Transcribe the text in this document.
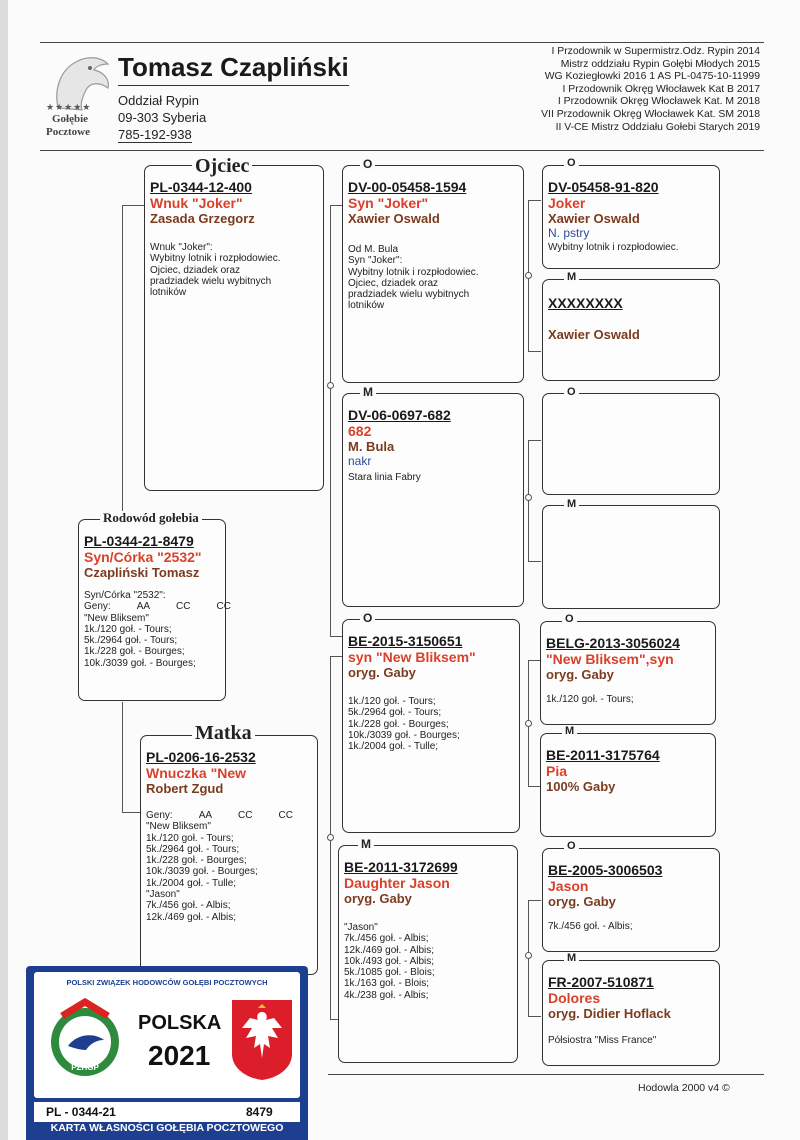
★★★★★
Gołębie
Pocztowe
Tomasz Czapliński
Oddział Rypin
09-303 Syberia
785-192-938
I Przodownik w Supermistrz.Odz. Rypin 2014
Mistrz oddziału Rypin Gołębi Młodych 2015
WG Koziegłowki 2016 1 AS PL-0475-10-11999
I Przodownik Okręg Włocławek Kat B 2017
I Przodownik Okręg Włocławek Kat. M 2018
VII Przodownik Okręg Włocławek Kat. SM 2018
II V-CE Mistrz Oddziału Gołebi Starych 2019
PL-0344-21-8479
Syn/Córka "2532"
Czapliński Tomasz
Syn/Córka "2532":
Geny:	AA	CC	CC
"New Bliksem"
1k./120 goł. - Tours;
5k./2964 goł. - Tours;
1k./228 goł. - Bourges;
10k./3039 goł. - Bourges;
Rodowód gołebia
PL-0344-12-400
Wnuk "Joker"
Zasada Grzegorz
Wnuk "Joker":
Wybitny lotnik i rozpłodowiec.
Ojciec, dziadek oraz
pradziadek wielu wybitnych
lotników
Ojciec
PL-0206-16-2532
Wnuczka "New
Robert Zgud
Geny:	AA	CC	CC
"New Bliksem"
1k./120 goł. - Tours;
5k./2964 goł. - Tours;
1k./228 goł. - Bourges;
10k./3039 goł. - Bourges;
1k./2004 goł. - Tulle;
"Jason"
7k./456 goł. - Albis;
12k./469 goł. - Albis;
Matka
DV-00-05458-1594
Syn "Joker"
Xawier Oswald
Od M. Bula
Syn "Joker":
Wybitny lotnik i rozpłodowiec.
Ojciec, dziadek oraz
pradziadek wielu wybitnych
lotników
O
DV-06-0697-682
682
M. Bula
nakr
Stara linia Fabry
M
BE-2015-3150651
syn "New Bliksem"
oryg. Gaby
1k./120 goł. - Tours;
5k./2964 goł. - Tours;
1k./228 goł. - Bourges;
10k./3039 goł. - Bourges;
1k./2004 goł. - Tulle;
O
BE-2011-3172699
Daughter Jason
oryg. Gaby
"Jason"
7k./456 goł. - Albis;
12k./469 goł. - Albis;
10k./493 goł. - Albis;
5k./1085 goł. - Blois;
1k./163 goł. - Blois;
4k./238 goł. - Albis;
M
DV-05458-91-820
Joker
Xawier Oswald
N. pstry
Wybitny lotnik i rozpłodowiec.
O
XXXXXXXX
Xawier Oswald
M
O
M
BELG-2013-3056024
"New Bliksem",syn
oryg. Gaby
1k./120 goł. - Tours;
O
BE-2011-3175764
Pia
100% Gaby
M
BE-2005-3006503
Jason
oryg. Gaby
7k./456 goł. - Albis;
O
FR-2007-510871
Dolores
oryg. Didier Hoflack
Półsiostra "Miss France"
M
Hodowla 2000 v4 ©
POLSKI ZWIĄZEK HODOWCÓW GOŁĘBI POCZTOWYCH
PZHGP
POLSKA
2021
PL - 0344-21	8479
KARTA WŁASNOŚCI GOŁĘBIA POCZTOWEGO
